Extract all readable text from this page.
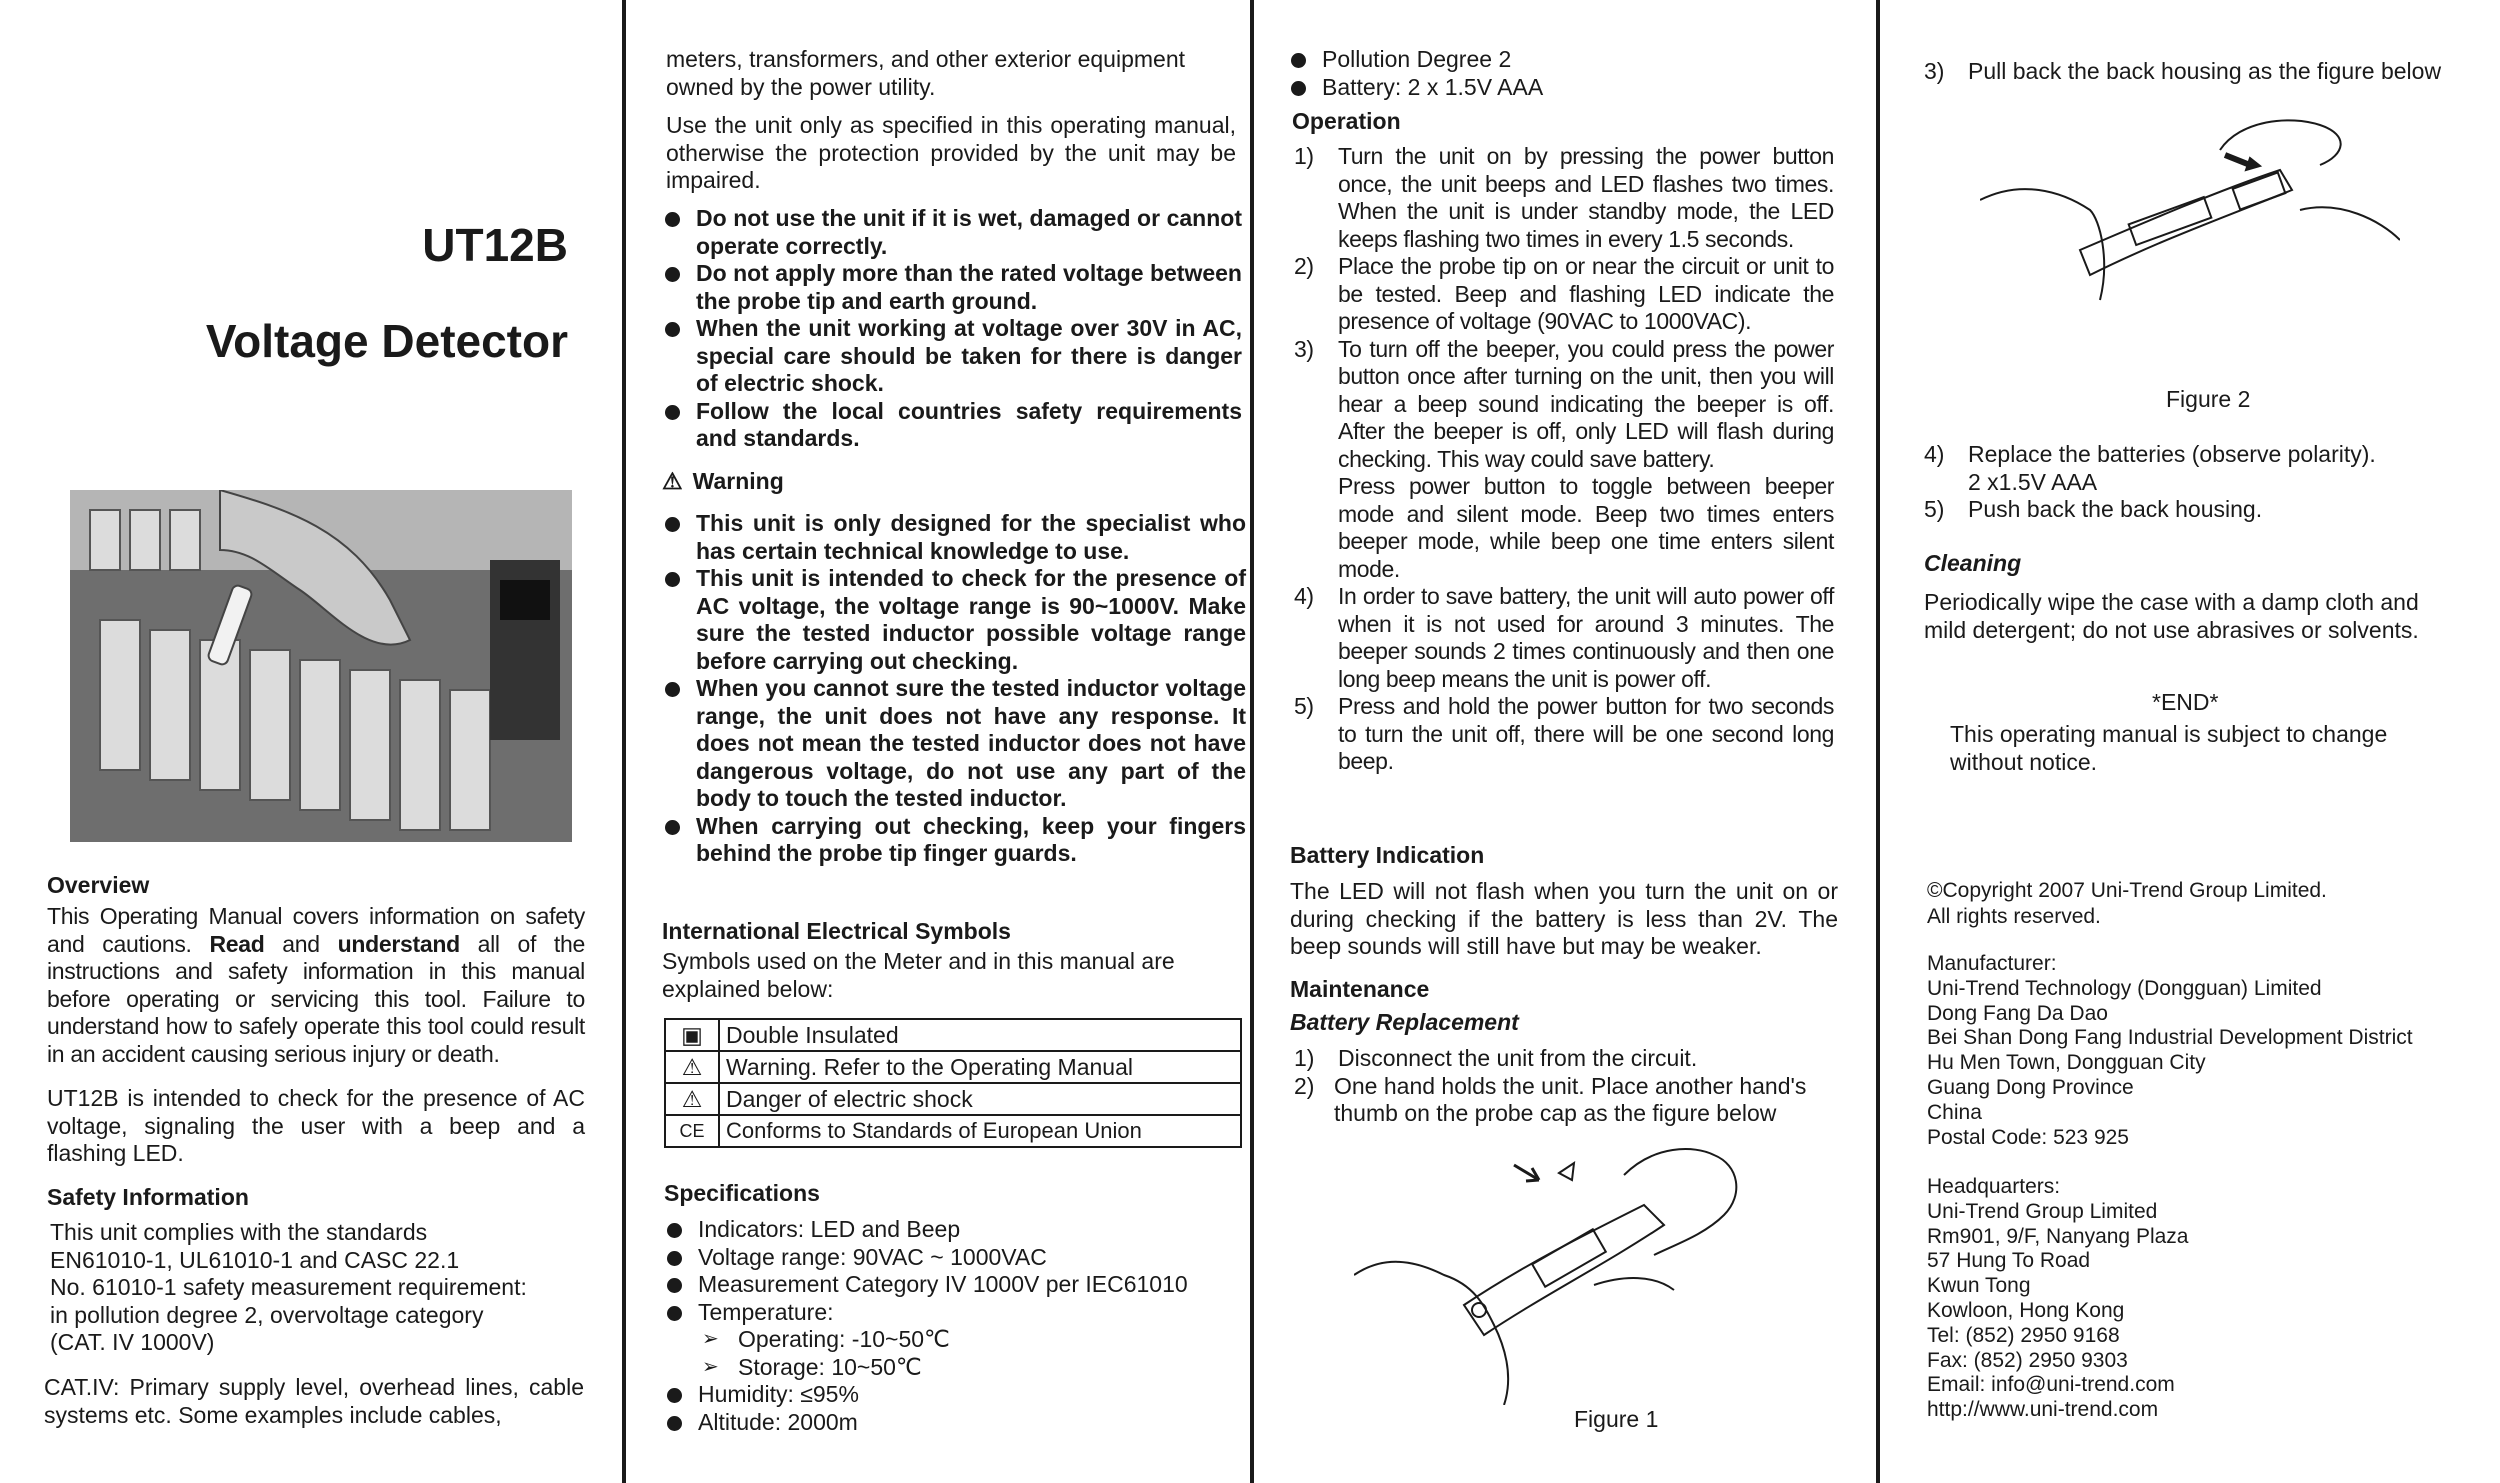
UT12B
Voltage Detector
Overview

This Operating Manual covers information on safety and cautions. Read and understand all of the instructions and safety information in this manual before operating or servicing this tool. Failure to understand how to safely operate this tool could result in an accident causing serious injury or death.

UT12B is intended to check for the presence of AC voltage, signaling the user with a beep and a flashing LED.

Safety Information
This unit complies with the standards
EN61010-1, UL61010-1 and CASC 22.1
No. 61010-1 safety measurement requirement:
in pollution degree 2, overvoltage category
(CAT. IV 1000V)

CAT.IV: Primary supply level, overhead lines, cable systems etc. Some examples include cables,

meters, transformers, and other exterior equipment owned by the power utility.

Use the unit only as specified in this operating manual, otherwise the protection provided by the unit may be impaired.

Do not use the unit if it is wet, damaged or cannot operate correctly.
Do not apply more than the rated voltage between the probe tip and earth ground.
When the unit working at voltage over 30V in AC, special care should be taken for there is danger of electric shock.
Follow the local countries safety requirements and standards.
⚠ Warning
This unit is only designed for the specialist who has certain technical knowledge to use.
This unit is intended to check for the presence of AC voltage, the voltage range is 90~1000V. Make sure the tested inductor possible voltage range before carrying out checking.
When you cannot sure the tested inductor voltage range, the unit does not have any response. It does not mean the tested inductor does not have dangerous voltage, do not use any part of the body to touch the tested inductor.
When carrying out checking, keep your fingers behind the probe tip finger guards.
International Electrical Symbols

Symbols used on the Meter and in this manual are explained below:

▣	Double Insulated
⚠	Warning. Refer to the Operating Manual
⚠	Danger of electric shock
CE	Conforms to Standards of European Union
Specifications
Indicators: LED and Beep
Voltage range: 90VAC ~ 1000VAC
Measurement Category IV 1000V per IEC61010
Temperature:
➢ Operating: -10~50℃
➢ Storage: 10~50℃
Humidity: ≤95%
Altitude: 2000m
Pollution Degree 2
Battery: 2 x 1.5V AAA
Operation
1) Turn the unit on by pressing the power button once, the unit beeps and LED flashes two times. When the unit is under standby mode, the LED keeps flashing two times in every 1.5 seconds.
2) Place the probe tip on or near the circuit or unit to be tested. Beep and flashing LED indicate the presence of voltage (90VAC to 1000VAC).
3) To turn off the beeper, you could press the power button once after turning on the unit, then you will hear a beep sound indicating the beeper is off. After the beeper is off, only LED will flash during checking. This way could save battery.
Press power button to toggle between beeper mode and silent mode. Beep two times enters beeper mode, while beep one time enters silent mode.
4) In order to save battery, the unit will auto power off when it is not used for around 3 minutes. The beeper sounds 2 times continuously and then one long beep means the unit is power off.
5) Press and hold the power button for two seconds to turn the unit off, there will be one second long beep.
Battery Indication

The LED will not flash when you turn the unit on or during checking if the battery is less than 2V. The beep sounds will still have but may be weaker.

Maintenance
Battery Replacement
1) Disconnect the unit from the circuit.
2) One hand holds the unit. Place another hand's thumb on the probe cap as the figure below
Figure 1
3) Pull back the back housing as the figure below
Figure 2
4) Replace the batteries (observe polarity).
2 x1.5V AAA
5) Push back the back housing.
Cleaning

Periodically wipe the case with a damp cloth and mild detergent; do not use abrasives or solvents.

*END*

This operating manual is subject to change without notice.

©Copyright 2007 Uni-Trend Group Limited.
All rights reserved.
Manufacturer:
Uni-Trend Technology (Dongguan) Limited
Dong Fang Da Dao
Bei Shan Dong Fang Industrial Development District
Hu Men Town, Dongguan City
Guang Dong Province
China
Postal Code: 523 925
Headquarters:
Uni-Trend Group Limited
Rm901, 9/F, Nanyang Plaza
57 Hung To Road
Kwun Tong
Kowloon, Hong Kong
Tel: (852) 2950 9168
Fax: (852) 2950 9303
Email: info@uni-trend.com
http://www.uni-trend.com
